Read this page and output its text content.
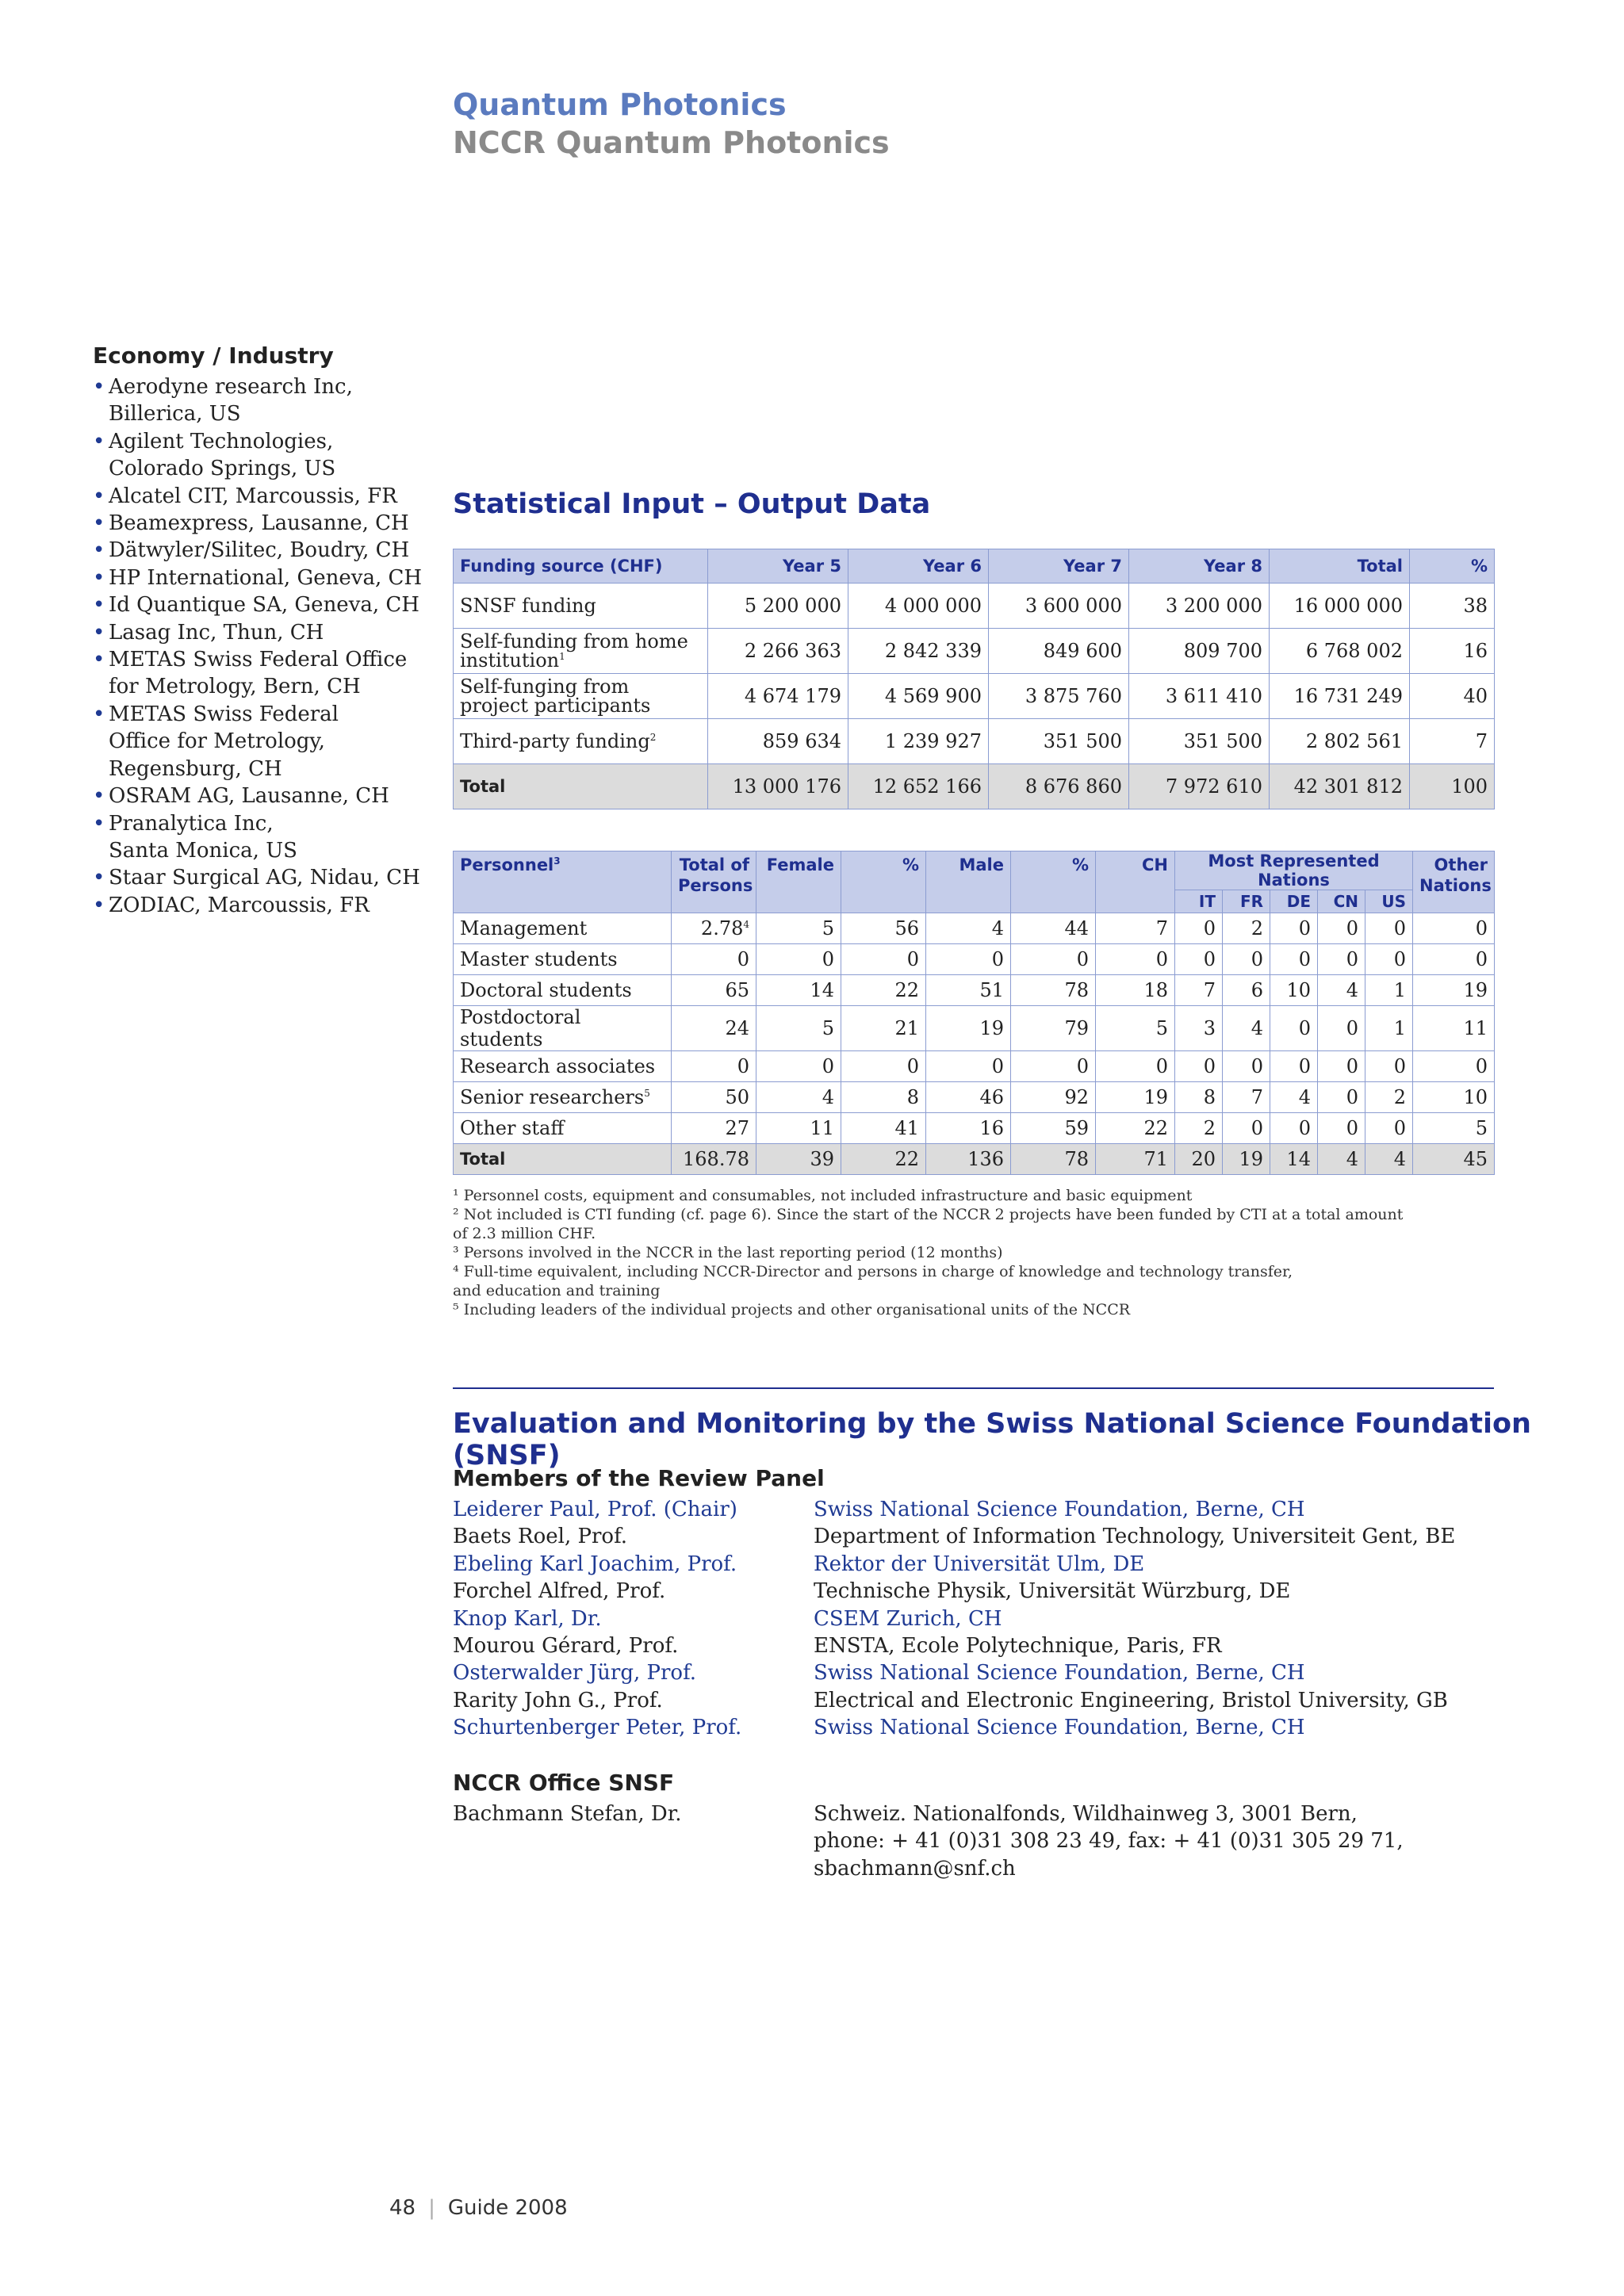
Quantum Photonics
NCCR Quantum Photonics
Economy / Industry
• Aerodyne research Inc,
Billerica, US
• Agilent Technologies,
Colorado Springs, US
• Alcatel CIT, Marcoussis, FR
• Beamexpress, Lausanne, CH
• Dätwyler/Silitec, Boudry, CH
• HP International, Geneva, CH
• Id Quantique SA, Geneva, CH
• Lasag Inc, Thun, CH
• METAS Swiss Federal Office
for Metrology, Bern, CH
• METAS Swiss Federal
Office for Metrology,
Regensburg, CH
• OSRAM AG, Lausanne, CH
• Pranalytica Inc,
Santa Monica, US
• Staar Surgical AG, Nidau, CH
• ZODIAC, Marcoussis, FR
Statistical Input – Output Data
Funding source (CHF)	Year 5	Year 6	Year 7	Year 8	Total	%
SNSF funding	5 200 000	4 000 000	3 600 000	3 200 000	16 000 000	38
Self-funding from home institution$^1$	2 266 363	2 842 339	849 600	809 700	6 768 002	16
Self-funging from project participants	4 674 179	4 569 900	3 875 760	3 611 410	16 731 249	40
Third-party funding$^2$	859 634	1 239 927	351 500	351 500	2 802 561	7
Total	13 000 176	12 652 166	8 676 860	7 972 610	42 301 812	100
Personnel$^3$	Total of Persons	Female	%	Male	%	CH	Most Represented Nations					Other Nations
							IT	FR	DE	CN	US	
Management	2.78$^4$	5	56	4	44	7	0	2	0	0	0	0
Master students	0	0	0	0	0	0	0	0	0	0	0	0
Doctoral students	65	14	22	51	78	18	7	6	10	4	1	19
Postdoctoral students	24	5	21	19	79	5	3	4	0	0	1	11
Research associates	0	0	0	0	0	0	0	0	0	0	0	0
Senior researchers$^5$	50	4	8	46	92	19	8	7	4	0	2	10
Other staff	27	11	41	16	59	22	2	0	0	0	0	5
Total	168.78	39	22	136	78	71	20	19	14	4	4	45
¹ Personnel costs, equipment and consumables, not included infrastructure and basic equipment
² Not included is CTI funding (cf. page 6). Since the start of the NCCR 2 projects have been funded by CTI at a total amount
of 2.3 million CHF.
³ Persons involved in the NCCR in the last reporting period (12 months)
⁴ Full-time equivalent, including NCCR-Director and persons in charge of knowledge and technology transfer,
and education and training
⁵ Including leaders of the individual projects and other organisational units of the NCCR
Evaluation and Monitoring by the Swiss National Science Foundation (SNSF)
Members of the Review Panel
Leiderer Paul, Prof. (Chair)	Swiss National Science Foundation, Berne, CH
Baets Roel, Prof.	Department of Information Technology, Universiteit Gent, BE
Ebeling Karl Joachim, Prof.	Rektor der Universität Ulm, DE
Forchel Alfred, Prof.	Technische Physik, Universität Würzburg, DE
Knop Karl, Dr.	CSEM Zurich, CH
Mourou Gérard, Prof.	ENSTA, Ecole Polytechnique, Paris, FR
Osterwalder Jürg, Prof.	Swiss National Science Foundation, Berne, CH
Rarity John G., Prof.	Electrical and Electronic Engineering, Bristol University, GB
Schurtenberger Peter, Prof.	Swiss National Science Foundation, Berne, CH
NCCR Office SNSF
Bachmann Stefan, Dr.	Schweiz. Nationalfonds, Wildhainweg 3, 3001 Bern,
phone: + 41 (0)31 308 23 49, fax: + 41 (0)31 305 29 71,
sbachmann@snf.ch
48 | Guide 2008
